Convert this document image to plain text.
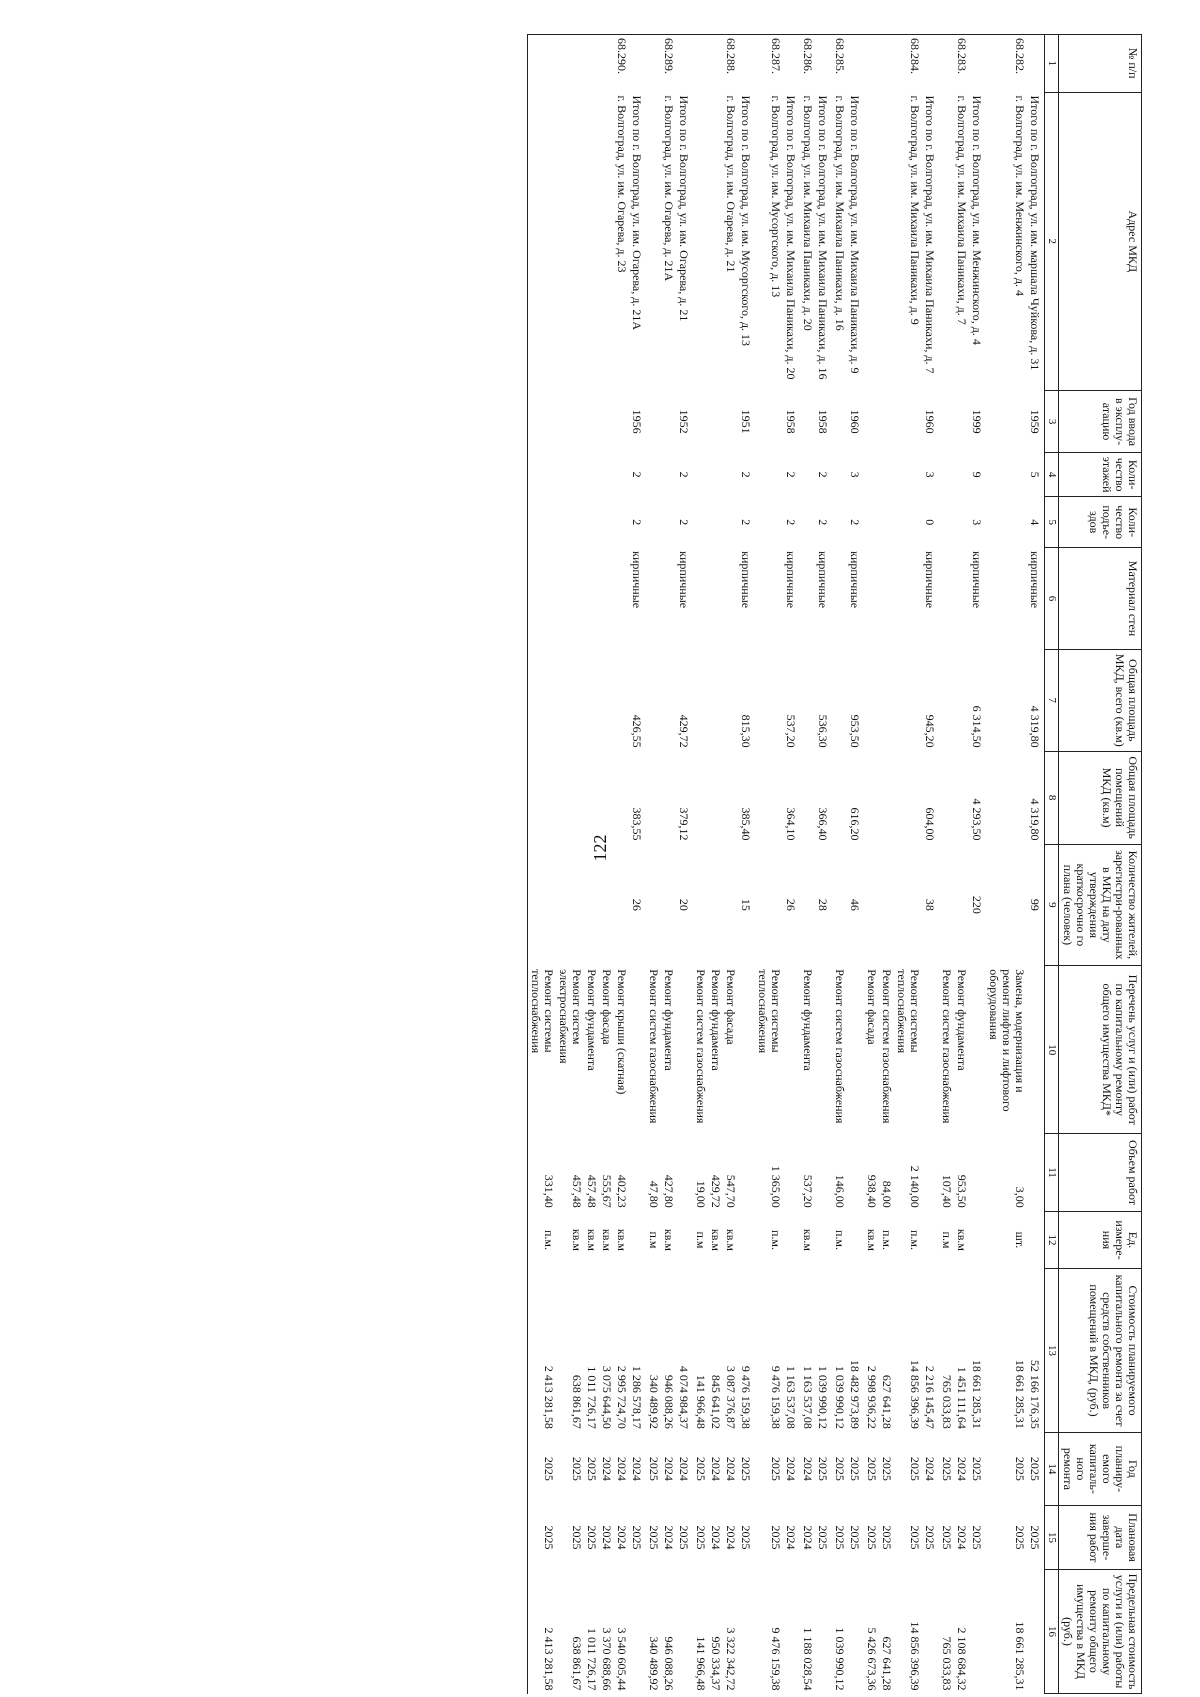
122
№ п/п	Адрес МКД	Год ввода в эксплу-атацию	Коли-чество этажей	Коли-чество подъе-здов	Материал стен	Общая площадь МКД, всего (кв.м)	Общая площадь помещений МКД (кв.м)	Количество жителей, зарегистри-рованных в МКД на дату утверждения краткосрочно го плана (человек)	Перечень услуг и (или) работ по капитальному ремонту общего имущества МКД*	Объем работ	Ед. измере-ния	Стоимость планируемого капитального ремонта за счет средств собственников помещений в МКД, (руб.)	Год планиру-емого капиталь-ного ремонта	Плановая дата заверше-ния работ	Предельная стоимость услуги и (или) работы по капитальному ремонту общего имущества в МКД (руб.)
1	2	3	4	5	6	7	8	9	10	11	12	13	14	15	16
	Итого по г. Волгоград, ул. им. маршала Чуйкова, д. 31	1959	5	4	кирпичные	4 319,80	4 319,80	99				52 166 176,35	2025	2025	
68.282.	г. Волгоград, ул. им. Менжинского, д. 4								Замена, модернизация и ремонт лифтов и лифтового оборудования	3,00	шт.	18 661 285,31	2025	2025	18 661 285,31
	Итого по г. Волгоград, ул. им. Менжинского, д. 4	1999	9	3	кирпичные	6 314,50	4 293,50	220				18 661 285,31	2025	2025	
68.283.	г. Волгоград, ул. им. Михаила Паникахи, д. 7								Ремонт фундамента	953,50	кв.м	1 451 111,64	2024	2024	2 108 684,32
									Ремонт систем газоснабжения	107,40	п.м	765 033,83	2025	2025	765 033,83
	Итого по г. Волгоград, ул. им. Михаила Паникахи, д. 7	1960	3	0	кирпичные	945,20	604,00	38				2 216 145,47	2024	2025	
68.284.	г. Волгоград, ул. им. Михаила Паникахи, д. 9								Ремонт системы теплоснабжения	2 140,00	п.м.	14 856 396,39	2025	2025	14 856 396,39
									Ремонт систем газоснабжения	84,00	п.м.	627 641,28	2025	2025	627 641,28
									Ремонт фасада	938,40	кв.м	2 998 936,22	2025	2025	5 426 673,36
	Итого по г. Волгоград, ул. им. Михаила Паникахи, д. 9	1960	3	2	кирпичные	953,50	616,20	46				18 482 973,89	2025	2025	
68.285.	г. Волгоград, ул. им. Михаила Паникахи, д. 16								Ремонт систем газоснабжения	146,00	п.м.	1 039 990,12	2025	2025	1 039 990,12
	Итого по г. Волгоград, ул. им. Михаила Паникахи, д. 16	1958	2	2	кирпичные	536,30	366,40	28				1 039 990,12	2025	2025	
68.286.	г. Волгоград, ул. им. Михаила Паникахи, д. 20								Ремонт фундамента	537,20	кв.м	1 163 537,08	2024	2024	1 188 028,54
	Итого по г. Волгоград, ул. им. Михаила Паникахи, д. 20	1958	2	2	кирпичные	537,20	364,10	26				1 163 537,08	2024	2024	
68.287.	г. Волгоград, ул. им. Мусоргского, д. 13								Ремонт системы теплоснабжения	1 365,00	п.м.	9 476 159,38	2025	2025	9 476 159,38
	Итого по г. Волгоград, ул. им. Мусоргского, д. 13	1951	2	2	кирпичные	815,30	385,40	15				9 476 159,38	2025	2025	
68.288.	г. Волгоград, ул. им. Огарева, д. 21								Ремонт фасада	547,70	кв.м	3 087 376,87	2024	2024	3 322 342,72
									Ремонт фундамента	429,72	кв.м	845 641,02	2024	2024	950 334,37
									Ремонт систем газоснабжения	19,00	п.м	141 966,48	2025	2025	141 966,48
	Итого по г. Волгоград, ул. им. Огарева, д. 21	1952	2	2	кирпичные	429,72	379,12	20				4 074 984,37	2024	2025	
68.289.	г. Волгоград, ул. им. Огарева, д. 21А								Ремонт фундамента	427,80	кв.м	946 088,26	2024	2024	946 088,26
									Ремонт систем газоснабжения	47,80	п.м	340 489,92	2025	2025	340 489,92
	Итого по г. Волгоград, ул. им. Огарева, д. 21А	1956	2	2	кирпичные	426,55	383,55	26				1 286 578,17	2024	2025	
68.290.	г. Волгоград, ул. им. Огарева, д. 23								Ремонт крыши (скатная)	402,23	кв.м	2 995 724,70	2024	2024	3 540 605,44
									Ремонт фасада	555,67	кв.м	3 075 644,50	2024	2024	3 370 688,66
									Ремонт фундамента	457,48	кв.м	1 011 726,17	2025	2025	1 011 726,17
									Ремонт систем электроснабжения	457,48	кв.м	638 861,67	2025	2025	638 861,67
									Ремонт системы теплоснабжения	331,40	п.м.	2 413 281,58	2025	2025	2 413 281,58
